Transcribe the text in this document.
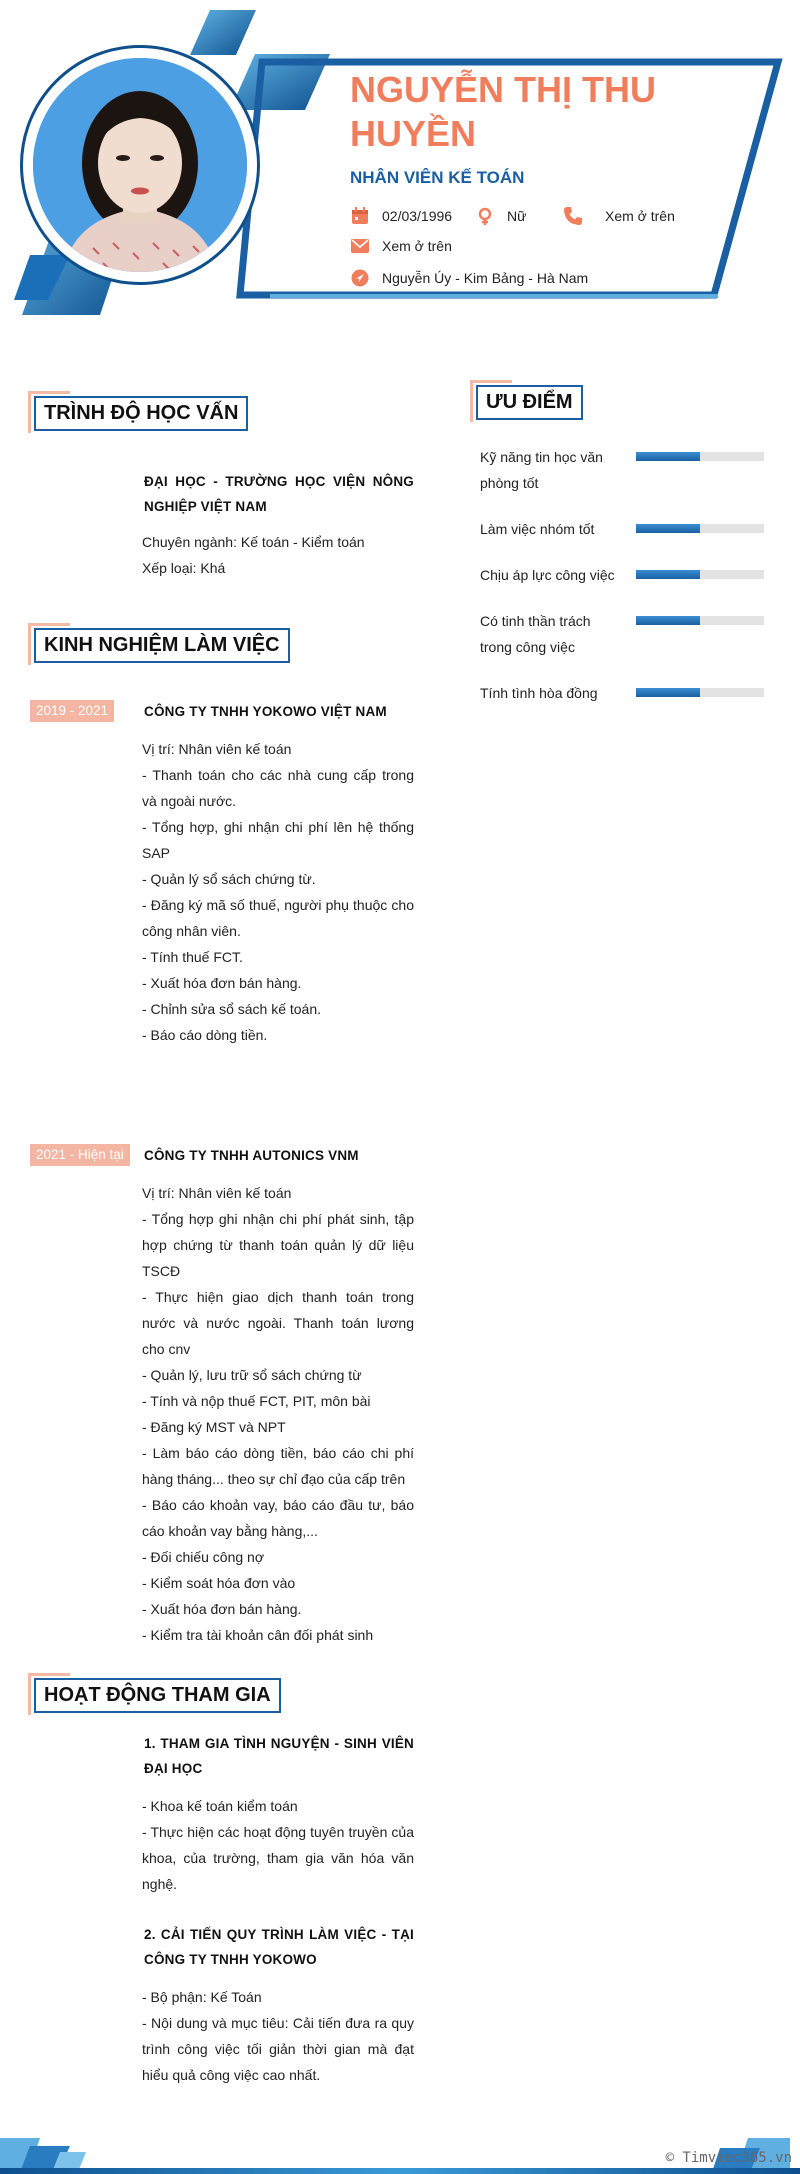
NGUYỄN THỊ THU HUYỀN
NHÂN VIÊN KẾ TOÁN
02/03/1996	Nữ	Xem ở trên
Xem ở trên
Nguyễn Úy - Kim Bảng - Hà Nam
TRÌNH ĐỘ HỌC VẤN
ĐẠI HỌC - TRƯỜNG HỌC VIỆN NÔNG NGHIỆP VIỆT NAM
Chuyên ngành: Kế toán - Kiểm toán
Xếp loại: Khá
KINH NGHIỆM LÀM VIỆC
2019 - 2021	CÔNG TY TNHH YOKOWO VIỆT NAM
Vị trí: Nhân viên kế toán
- Thanh toán cho các nhà cung cấp trong và ngoài nước.
- Tổng hợp, ghi nhận chi phí lên hệ thống SAP
- Quản lý sổ sách chứng từ.
- Đăng ký mã số thuế, người phụ thuộc cho công nhân viên.
- Tính thuế FCT.
- Xuất hóa đơn bán hàng.
- Chỉnh sửa sổ sách kế toán.
- Báo cáo dòng tiền.
2021 - Hiện tại	CÔNG TY TNHH AUTONICS VNM
Vị trí: Nhân viên kế toán
- Tổng hợp ghi nhận chi phí phát sinh, tập hợp chứng từ thanh toán quản lý dữ liệu TSCĐ
- Thực hiện giao dịch thanh toán trong nước và nước ngoài. Thanh toán lương cho cnv
- Quản lý, lưu trữ sổ sách chứng từ
- Tính và nộp thuế FCT, PIT, môn bài
- Đăng ký MST và NPT
- Làm báo cáo dòng tiền, báo cáo chi phí hàng tháng... theo sự chỉ đạo của cấp trên
- Báo cáo khoản vay, báo cáo đầu tư, báo cáo khoản vay bằng hàng,...
- Đối chiếu công nợ
- Kiểm soát hóa đơn vào
- Xuất hóa đơn bán hàng.
- Kiểm tra tài khoản cân đối phát sinh
HOẠT ĐỘNG THAM GIA
1. THAM GIA TÌNH NGUYỆN - SINH VIÊN ĐẠI HỌC
- Khoa kế toán kiểm toán
- Thực hiện các hoạt động tuyên truyền của khoa, của trường, tham gia văn hóa văn nghệ.
2. CẢI TIẾN QUY TRÌNH LÀM VIỆC - TẠI CÔNG TY TNHH YOKOWO
- Bộ phận: Kế Toán
- Nội dung và mục tiêu: Cải tiến đưa ra quy trình công việc tối giản thời gian mà đạt hiểu quả công việc cao nhất.
ƯU ĐIỂM
Kỹ năng tin học văn phòng tốt
Làm việc nhóm tốt
Chịu áp lực công việc
Có tinh thần trách trong công việc
Tính tình hòa đồng
© Timviec365.vn
